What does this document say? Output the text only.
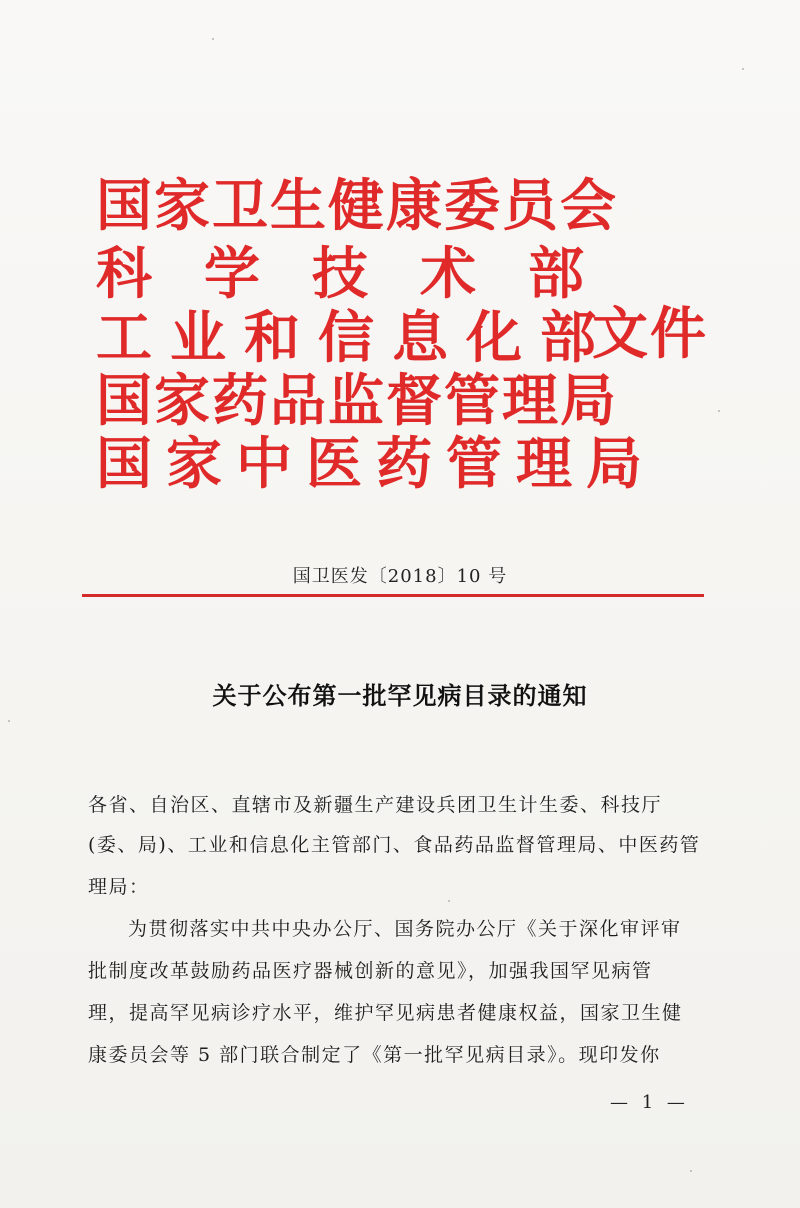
国家卫生健康委员会
科学技术部
工业和信息化部
国家药品监督管理局
国家中医药管理局
文件
国卫医发〔2018〕10 号
关于公布第一批罕见病目录的通知
各省、自治区、直辖市及新疆生产建设兵团卫生计生委、科技厅
(委、局)、工业和信息化主管部门、食品药品监督管理局、中医药管
理局：
为贯彻落实中共中央办公厅、国务院办公厅《关于深化审评审
批制度改革鼓励药品医疗器械创新的意见》，加强我国罕见病管
理，提高罕见病诊疗水平，维护罕见病患者健康权益，国家卫生健
康委员会等 5 部门联合制定了《第一批罕见病目录》。现印发你
— 1 —
